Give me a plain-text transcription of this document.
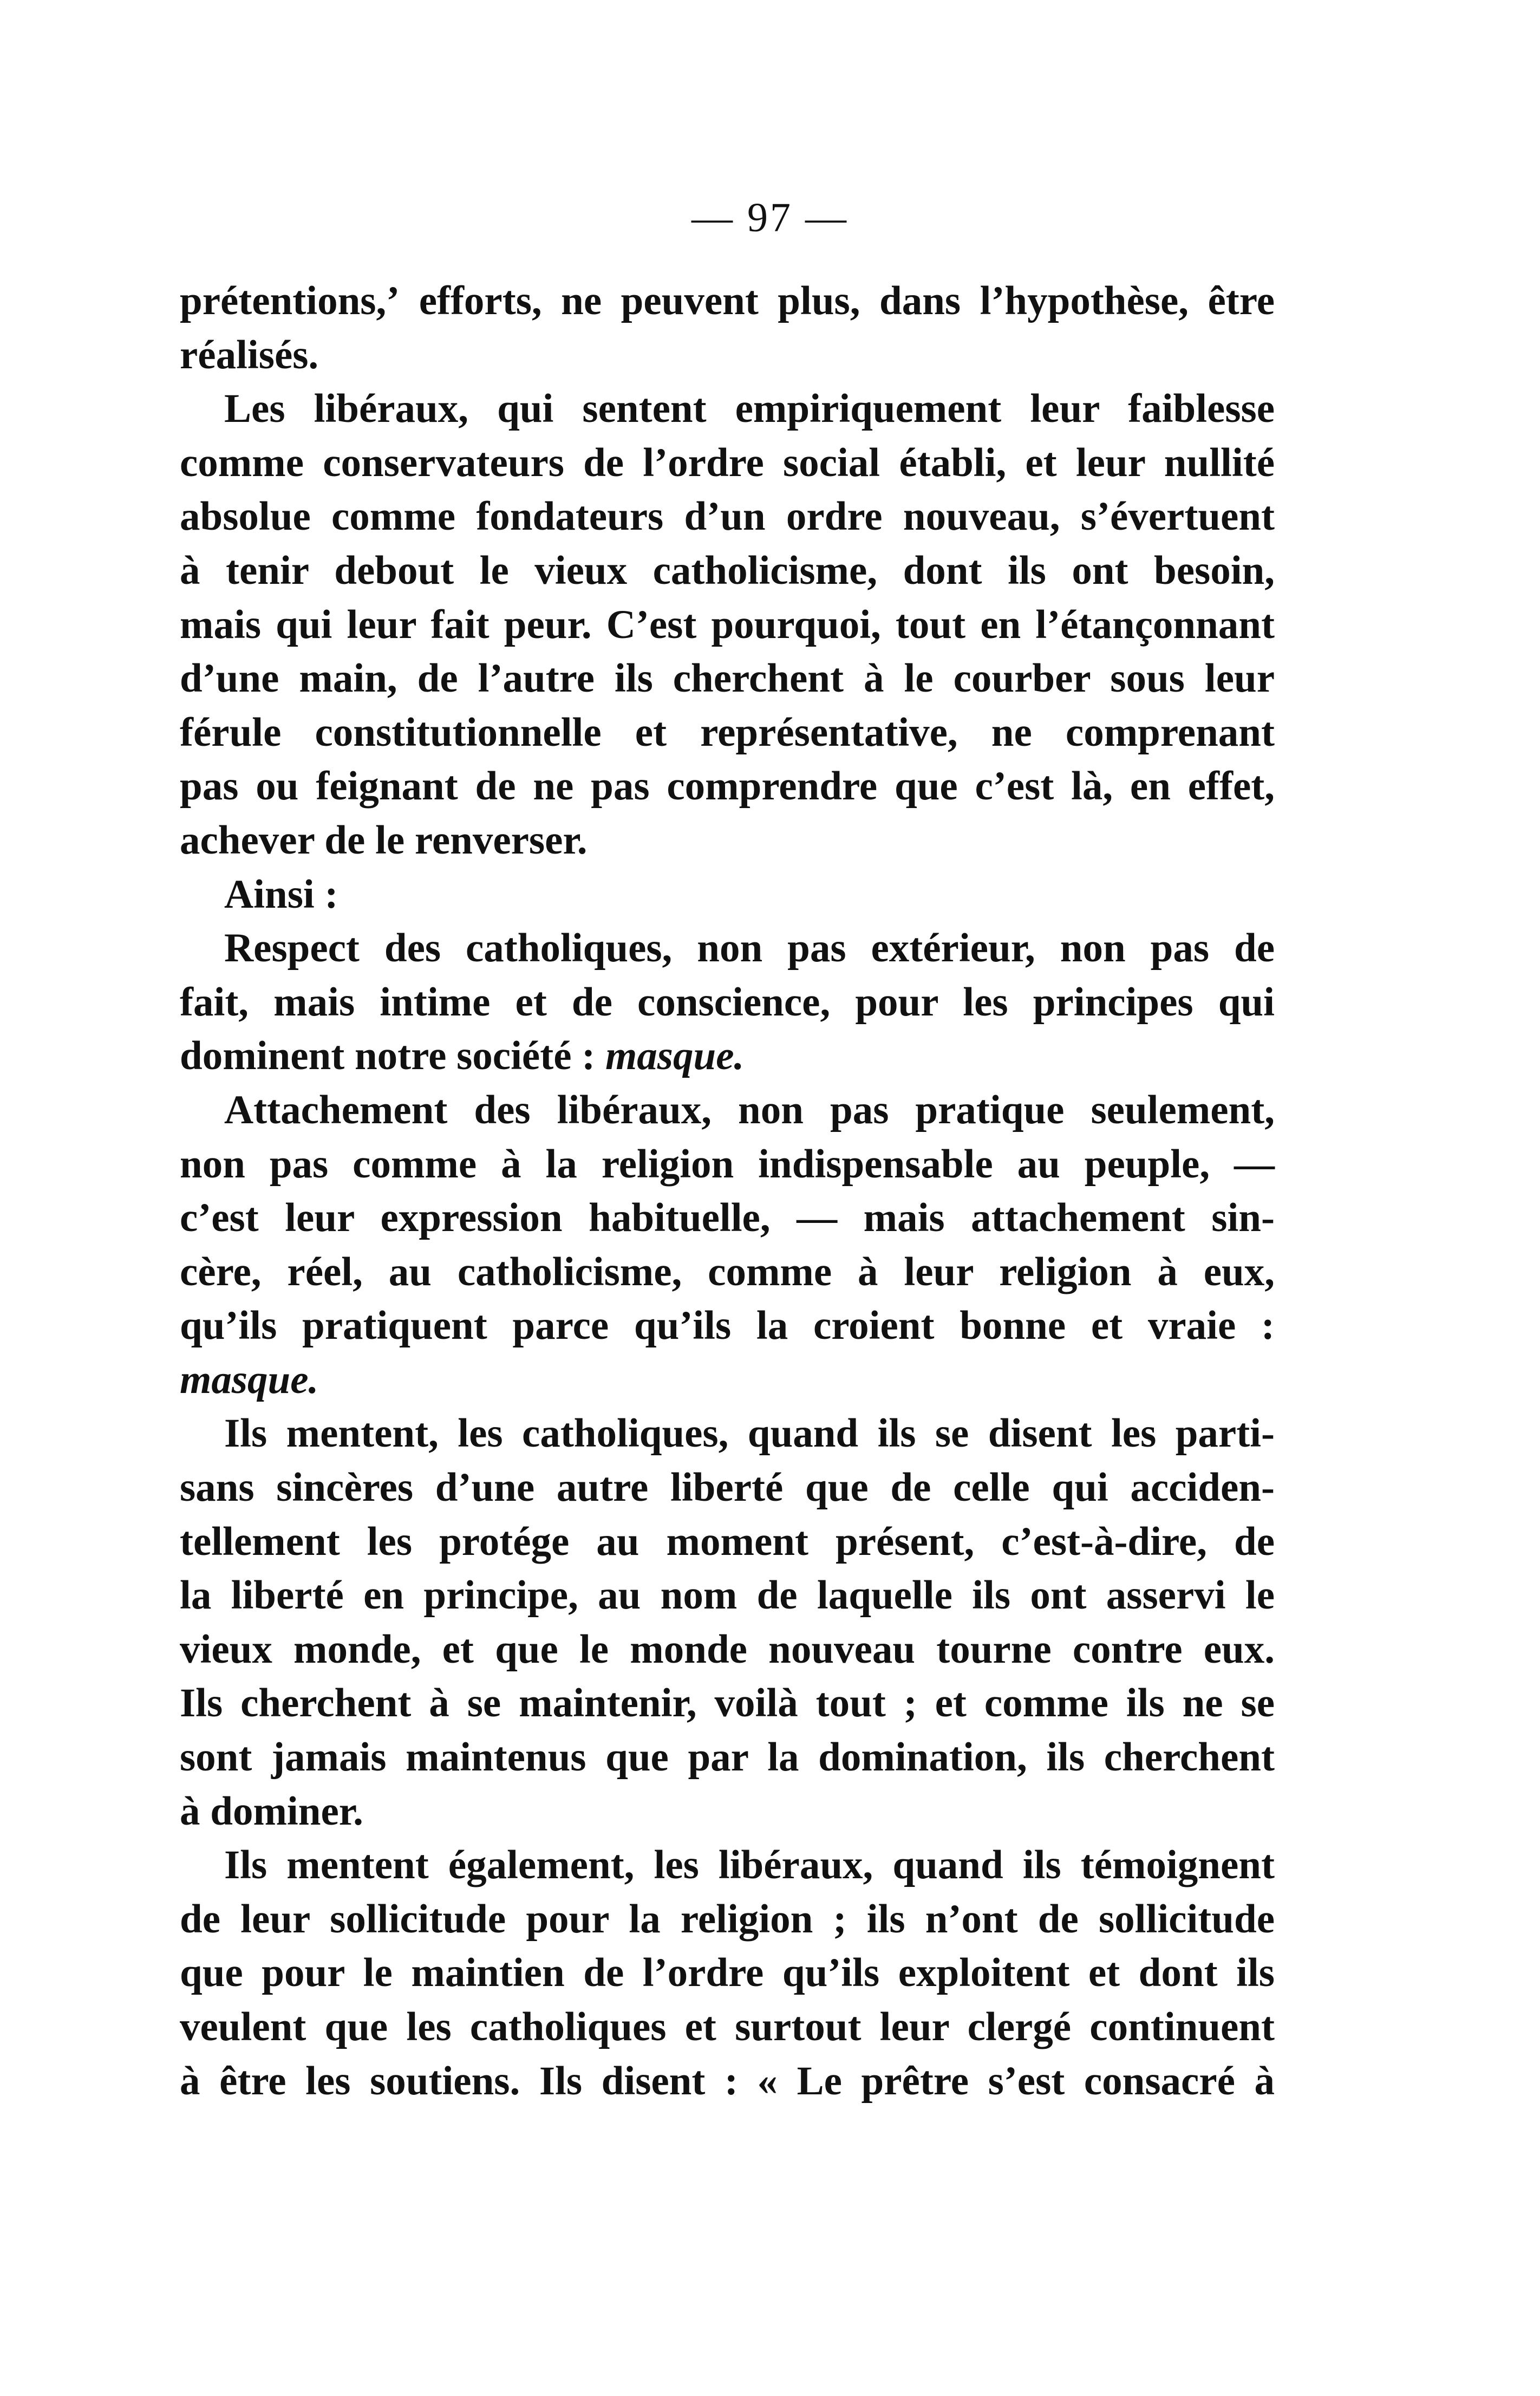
— 97 —
prétentions,ʼ efforts, ne peuvent plus, dans l’hypothèse, être
réalisés.
Les libéraux, qui sentent empiriquement leur faiblesse
comme conservateurs de l’ordre social établi, et leur nullité
absolue comme fondateurs d’un ordre nouveau, s’évertuent
à tenir debout le vieux catholicisme, dont ils ont besoin,
mais qui leur fait peur. C’est pourquoi, tout en l’étançonnant
d’une main, de l’autre ils cherchent à le courber sous leur
férule constitutionnelle et représentative, ne comprenant
pas ou feignant de ne pas comprendre que c’est là, en effet,
achever de le renverser.
Ainsi :
Respect des catholiques, non pas extérieur, non pas de
fait, mais intime et de conscience, pour les principes qui
dominent notre société : masque.
Attachement des libéraux, non pas pratique seulement,
non pas comme à la religion indispensable au peuple, —
c’est leur expression habituelle, — mais attachement sin-
cère, réel, au catholicisme, comme à leur religion à eux,
qu’ils pratiquent parce qu’ils la croient bonne et vraie :
masque.
Ils mentent, les catholiques, quand ils se disent les parti-
sans sincères d’une autre liberté que de celle qui acciden-
tellement les protége au moment présent, c’est-à-dire, de
la liberté en principe, au nom de laquelle ils ont asservi le
vieux monde, et que le monde nouveau tourne contre eux.
Ils cherchent à se maintenir, voilà tout ; et comme ils ne se
sont jamais maintenus que par la domination, ils cherchent
à dominer.
Ils mentent également, les libéraux, quand ils témoignent
de leur sollicitude pour la religion ; ils n’ont de sollicitude
que pour le maintien de l’ordre qu’ils exploitent et dont ils
veulent que les catholiques et surtout leur clergé continuent
à être les soutiens. Ils disent : « Le prêtre s’est consacré à
